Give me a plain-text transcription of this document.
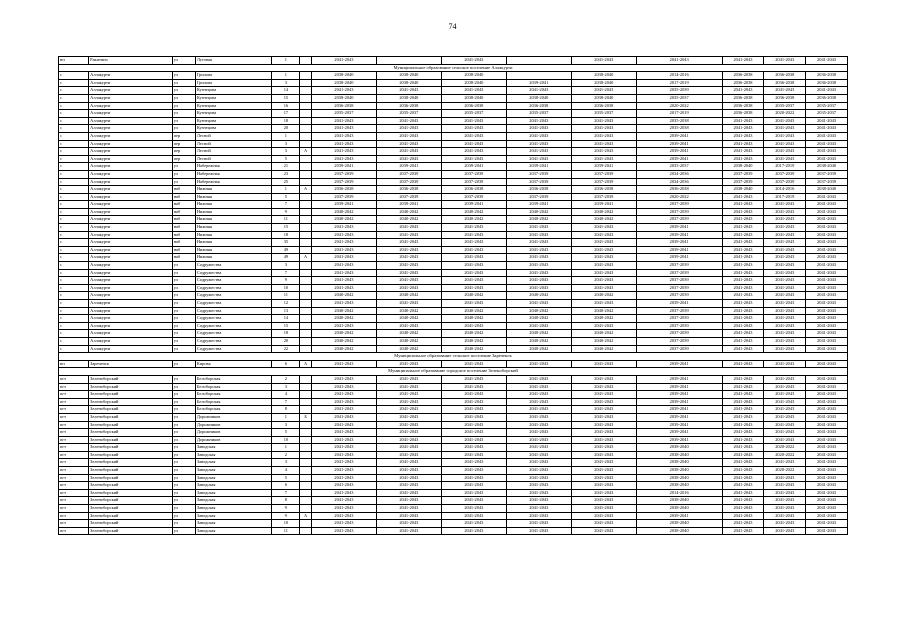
74
нп	Ракитино	ул	Луговая	1		2041-2043		2041-2043		2041-2043	2041-2043	2041-2043	2041-2043	2041-2043
Муниципальное образование сельское поселение Аллакурти														
с	Аллакурти	ул	Грилова	1		2038-2040	2038-2040	2038-2040		2038-2040	2014-2016	2036-2038	2036-2038	2036-2038
с	Аллакурти	ул	Грилова	3		2038-2040	2038-2040	2038-2040	2039-2041	2038-2040	2017-2019	2036-2038	2036-2038	2036-2038
с	Аллакурти	ул	Кузнецова	14		2041-2043	2041-2043	2041-2043	2041-2043	2041-2043	2035-2039	2041-2043	2041-2043	2041-2043
с	Аллакурти	ул	Кузнецова	15		2038-2040	2038-2040	2038-2040	2038-2040	2038-2040	2035-2037	2036-2038	2036-2038	2036-2038
с	Аллакурти	ул	Кузнецова	16		2036-2038	2036-2038	2036-2038	2036-2038	2036-2038	2020-2022	2036-2038	2035-2037	2035-2037
с	Аллакурти	ул	Кузнецова	17		2035-2037	2035-2037	2035-2037	2035-2037	2035-2037	2017-2019	2036-2038	2020-2022	2035-2037
с	Аллакурти	ул	Кузнецова	18		2041-2043	2041-2043	2041-2043	2041-2043	2041-2043	2035-2038	2041-2043	2041-2043	2041-2043
с	Аллакурти	ул	Кузнецова	20		2041-2043	2041-2043	2041-2043	2041-2043	2041-2043	2035-2038	2041-2043	2041-2043	2041-2043
с	Аллакурти	пер	Лесной	1		2041-2043	2041-2043	2041-2043	2041-2043	2041-2043	2039-2041	2041-2043	2041-2043	2041-2043
с	Аллакурти	пер	Лесной	3		2041-2043	2041-2043	2041-2043	2041-2043	2041-2043	2039-2041	2041-2043	2041-2043	2041-2043
с	Аллакурти	пер	Лесной	3	А	2041-2043	2041-2043	2041-2043	2041-2043	2041-2043	2039-2041	2041-2043	2041-2043	2041-2043
с	Аллакурти	пер	Лесной	5		2041-2043	2041-2043	2041-2043	2041-2043	2041-2043	2039-2041	2041-2043	2041-2043	2041-2043
с	Аллакурти	ул	Набережная	21		2039-2041	2039-2041	2039-2041	2039-2041	2039-2041	2035-2037	2038-2040	2017-2019	2038-2040
с	Аллакурти	ул	Набережная	23		2037-2039	2037-2039	2037-2039	2037-2039	2037-2039	2034-2036	2037-2039	2037-2039	2037-2039
с	Аллакурти	ул	Набережная	25		2037-2039	2037-2039	2037-2039	2037-2039	2037-2039	2034-2036	2037-2039	2037-2039	2037-2039
с	Аллакурти	наб	Нижняя	1	А	2036-2038	2036-2038	2036-2038	2036-2038	2036-2038	2036-2038	2038-2040	2014-2016	2038-2040
с	Аллакурти	наб	Нижняя	5		2037-2039	2037-2039	2037-2039	2037-2039	2037-2039	2020-2022	2041-2043	2017-2019	2041-2043
с	Аллакурти	наб	Нижняя	7		2039-2041	2039-2041	2039-2041	2039-2041	2039-2041	2037-2039	2041-2043	2041-2043	2041-2043
с	Аллакурти	наб	Нижняя	9		2040-2042	2040-2042	2040-2042	2040-2042	2040-2042	2037-2039	2041-2043	2041-2043	2041-2043
с	Аллакурти	наб	Нижняя	11		2040-2042	2040-2042	2040-2042	2040-2042	2040-2042	2037-2039	2041-2043	2041-2043	2041-2043
с	Аллакурти	наб	Нижняя	15		2041-2043	2041-2043	2041-2043	2041-2043	2041-2043	2039-2041	2041-2043	2041-2043	2041-2043
с	Аллакурти	наб	Нижняя	18		2041-2043	2041-2043	2041-2043	2041-2043	2041-2043	2039-2041	2041-2043	2041-2043	2041-2043
с	Аллакурти	наб	Нижняя	35		2041-2043	2041-2043	2041-2043	2041-2043	2041-2043	2039-2041	2041-2043	2041-2043	2041-2043
с	Аллакурти	наб	Нижняя	49		2041-2043	2041-2043	2041-2043	2041-2043	2041-2043	2039-2041	2041-2043	2041-2043	2041-2043
с	Аллакурти	наб	Нижняя	49	А	2041-2043	2041-2043	2041-2043	2041-2043	2041-2043	2039-2041	2041-2043	2041-2043	2041-2043
с	Аллакурти	ул	Содружества	3		2041-2043	2041-2043	2041-2043	2041-2043	2041-2043	2037-2039	2041-2043	2041-2043	2041-2043
с	Аллакурти	ул	Содружества	7		2041-2043	2041-2043	2041-2043	2041-2043	2041-2043	2037-2039	2041-2043	2041-2043	2041-2043
с	Аллакурти	ул	Содружества	9		2041-2043	2041-2043	2041-2043	2041-2043	2041-2043	2037-2039	2041-2043	2041-2043	2041-2043
с	Аллакурти	ул	Содружества	10		2041-2043	2041-2043	2041-2043	2041-2043	2041-2043	2037-2039	2041-2043	2041-2043	2041-2043
с	Аллакурти	ул	Содружества	11		2040-2042	2040-2042	2040-2042	2040-2042	2040-2042	2037-2039	2041-2043	2041-2043	2041-2043
с	Аллакурти	ул	Содружества	12		2041-2043	2041-2043	2041-2043	2041-2043	2041-2043	2039-2041	2041-2043	2041-2043	2041-2043
с	Аллакурти	ул	Содружества	13		2040-2042	2040-2042	2040-2042	2040-2042	2040-2042	2037-2039	2041-2043	2041-2043	2041-2043
с	Аллакурти	ул	Содружества	14		2040-2042	2040-2042	2040-2042	2040-2042	2040-2042	2037-2039	2041-2043	2041-2043	2041-2043
с	Аллакурти	ул	Содружества	15		2041-2043	2041-2043	2041-2043	2041-2043	2041-2043	2037-2039	2041-2043	2041-2043	2041-2043
с	Аллакурти	ул	Содружества	18		2040-2042	2040-2042	2040-2042	2040-2042	2040-2042	2037-2039	2041-2043	2041-2043	2041-2043
с	Аллакурти	ул	Содружества	20		2040-2042	2040-2042	2040-2042	2040-2042	2040-2042	2037-2039	2041-2043	2041-2043	2041-2043
с	Аллакурти	ул	Содружества	22		2040-2042	2040-2042	2040-2042	2040-2042	2040-2042	2037-2039	2041-2043	2041-2043	2041-2043
Муниципальное образование сельское поселение Зареченск														
нп	Зареченск	ул	Кирова	6	А	2041-2043	2041-2043	2041-2043	2041-2043	2041-2043	2039-2041	2041-2043	2041-2043	2041-2043
Муниципальное образование городское поселение Зеленоборский														
пгт	Зеленоборский	ул	Белоборская	2		2041-2043	2041-2043	2041-2043	2041-2043	2041-2043	2039-2041	2041-2043	2041-2043	2041-2043
пгт	Зеленоборский	ул	Белоборская	3		2041-2043	2041-2043	2041-2043	2041-2043	2041-2043	2039-2041	2041-2043	2041-2043	2041-2043
пгт	Зеленоборский	ул	Белоборская	4		2041-2043	2041-2043	2041-2043	2041-2043	2041-2043	2039-2041	2041-2043	2041-2043	2041-2043
пгт	Зеленоборский	ул	Белоборская	7		2041-2043	2041-2043	2041-2043	2041-2043	2041-2043	2039-2041	2041-2043	2041-2043	2041-2043
пгт	Зеленоборский	ул	Белоборская	8		2041-2043	2041-2043	2041-2043	2041-2043	2041-2043	2039-2041	2041-2043	2041-2043	2041-2043
пгт	Зеленоборский	ул	Дорожников	1	Б	2041-2043	2041-2043	2041-2043	2041-2043	2041-2043	2039-2041	2041-2043	2041-2043	2041-2043
пгт	Зеленоборский	ул	Дорожников	3		2041-2043	2041-2043	2041-2043	2041-2043	2041-2043	2039-2041	2041-2043	2041-2043	2041-2043
пгт	Зеленоборский	ул	Дорожников	5		2041-2043	2041-2043	2041-2043	2041-2043	2041-2043	2039-2041	2041-2043	2041-2043	2041-2043
пгт	Зеленоборский	ул	Дорожников	10		2041-2043	2041-2043	2041-2043	2041-2043	2041-2043	2039-2041	2041-2043	2041-2043	2041-2043
пгт	Зеленоборский	ул	Заводская	1		2041-2043	2041-2043	2041-2043	2041-2043	2041-2043	2038-2040	2041-2043	2020-2022	2041-2043
пгт	Зеленоборский	ул	Заводская	2		2041-2043	2041-2043	2041-2043	2041-2043	2041-2043	2038-2040	2041-2043	2020-2022	2041-2043
пгт	Зеленоборский	ул	Заводская	3		2041-2043	2041-2043	2041-2043	2041-2043	2041-2043	2038-2040	2041-2043	2041-2043	2041-2043
пгт	Зеленоборский	ул	Заводская	4		2041-2043	2041-2043	2041-2043	2041-2043	2041-2043	2038-2040	2041-2043	2020-2022	2041-2043
пгт	Зеленоборский	ул	Заводская	5		2041-2043	2041-2043	2041-2043	2041-2043	2041-2043	2038-2040	2041-2043	2041-2043	2041-2043
пгт	Зеленоборский	ул	Заводская	6		2041-2043	2041-2043	2041-2043	2041-2043	2041-2043	2038-2040	2041-2043	2041-2043	2041-2043
пгт	Зеленоборский	ул	Заводская	7		2041-2043	2041-2043	2041-2043	2041-2043	2041-2043	2014-2016	2041-2043	2041-2043	2041-2043
пгт	Зеленоборский	ул	Заводская	8		2041-2043	2041-2043	2041-2043	2041-2043	2041-2043	2038-2040	2041-2043	2041-2043	2041-2043
пгт	Зеленоборский	ул	Заводская	9		2041-2043	2041-2043	2041-2043	2041-2043	2041-2043	2038-2040	2041-2043	2041-2043	2041-2043
пгт	Зеленоборский	ул	Заводская	9	А	2041-2043	2041-2043	2041-2043	2041-2043	2041-2043	2039-2041	2041-2043	2041-2043	2041-2043
пгт	Зеленоборский	ул	Заводская	10		2041-2043	2041-2043	2041-2043	2041-2043	2041-2043	2038-2040	2041-2043	2041-2043	2041-2043
пгт	Зеленоборский	ул	Заводская	11		2041-2043	2041-2043	2041-2043	2041-2043	2041-2043	2038-2040	2041-2043	2041-2043	2041-2043
